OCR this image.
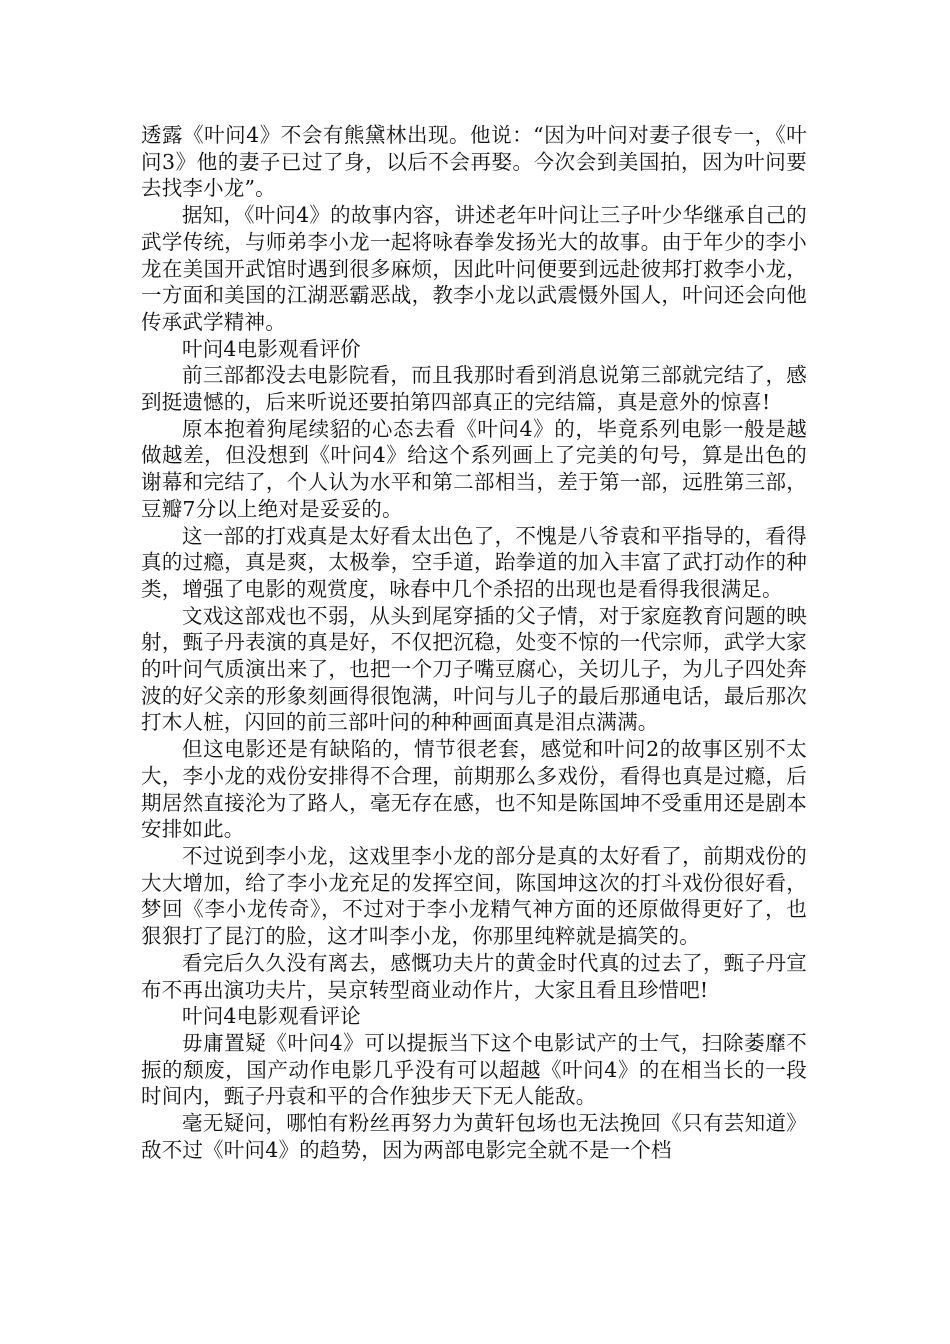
透露《叶问4》不会有熊黛林出现。他说：“因为叶问对妻子很专一，《叶问3》他的妻子已过了身，以后不会再娶。今次会到美国拍，因为叶问要去找李小龙”。

据知，《叶问4》的故事内容，讲述老年叶问让三子叶少华继承自己的武学传统，与师弟李小龙一起将咏春拳发扬光大的故事。由于年少的李小龙在美国开武馆时遇到很多麻烦，因此叶问便要到远赴彼邦打救李小龙，一方面和美国的江湖恶霸恶战，教李小龙以武震慑外国人，叶问还会向他传承武学精神。

叶问4电影观看评价

前三部都没去电影院看，而且我那时看到消息说第三部就完结了，感到挺遗憾的，后来听说还要拍第四部真正的完结篇，真是意外的惊喜!

原本抱着狗尾续貂的心态去看《叶问4》的，毕竟系列电影一般是越做越差，但没想到《叶问4》给这个系列画上了完美的句号，算是出色的谢幕和完结了，个人认为水平和第二部相当，差于第一部，远胜第三部，豆瓣7分以上绝对是妥妥的。

这一部的打戏真是太好看太出色了，不愧是八爷袁和平指导的，看得真的过瘾，真是爽，太极拳，空手道，跆拳道的加入丰富了武打动作的种类，增强了电影的观赏度，咏春中几个杀招的出现也是看得我很满足。

文戏这部戏也不弱，从头到尾穿插的父子情，对于家庭教育问题的映射，甄子丹表演的真是好，不仅把沉稳，处变不惊的一代宗师，武学大家的叶问气质演出来了，也把一个刀子嘴豆腐心，关切儿子，为儿子四处奔波的好父亲的形象刻画得很饱满，叶问与儿子的最后那通电话，最后那次打木人桩，闪回的前三部叶问的种种画面真是泪点满满。

但这电影还是有缺陷的，情节很老套，感觉和叶问2的故事区别不太大，李小龙的戏份安排得不合理，前期那么多戏份，看得也真是过瘾，后期居然直接沦为了路人，毫无存在感，也不知是陈国坤不受重用还是剧本安排如此。

不过说到李小龙，这戏里李小龙的部分是真的太好看了，前期戏份的大大增加，给了李小龙充足的发挥空间，陈国坤这次的打斗戏份很好看，梦回《李小龙传奇》，不过对于李小龙精气神方面的还原做得更好了，也狠狠打了昆汀的脸，这才叫李小龙，你那里纯粹就是搞笑的。

看完后久久没有离去，感慨功夫片的黄金时代真的过去了，甄子丹宣布不再出演功夫片，吴京转型商业动作片，大家且看且珍惜吧!

叶问4电影观看评论

毋庸置疑《叶问4》可以提振当下这个电影试产的士气，扫除萎靡不振的颓废，国产动作电影几乎没有可以超越《叶问4》的在相当长的一段时间内，甄子丹袁和平的合作独步天下无人能敌。

毫无疑问，哪怕有粉丝再努力为黄轩包场也无法挽回《只有芸知道》敌不过《叶问4》的趋势，因为两部电影完全就不是一个档
